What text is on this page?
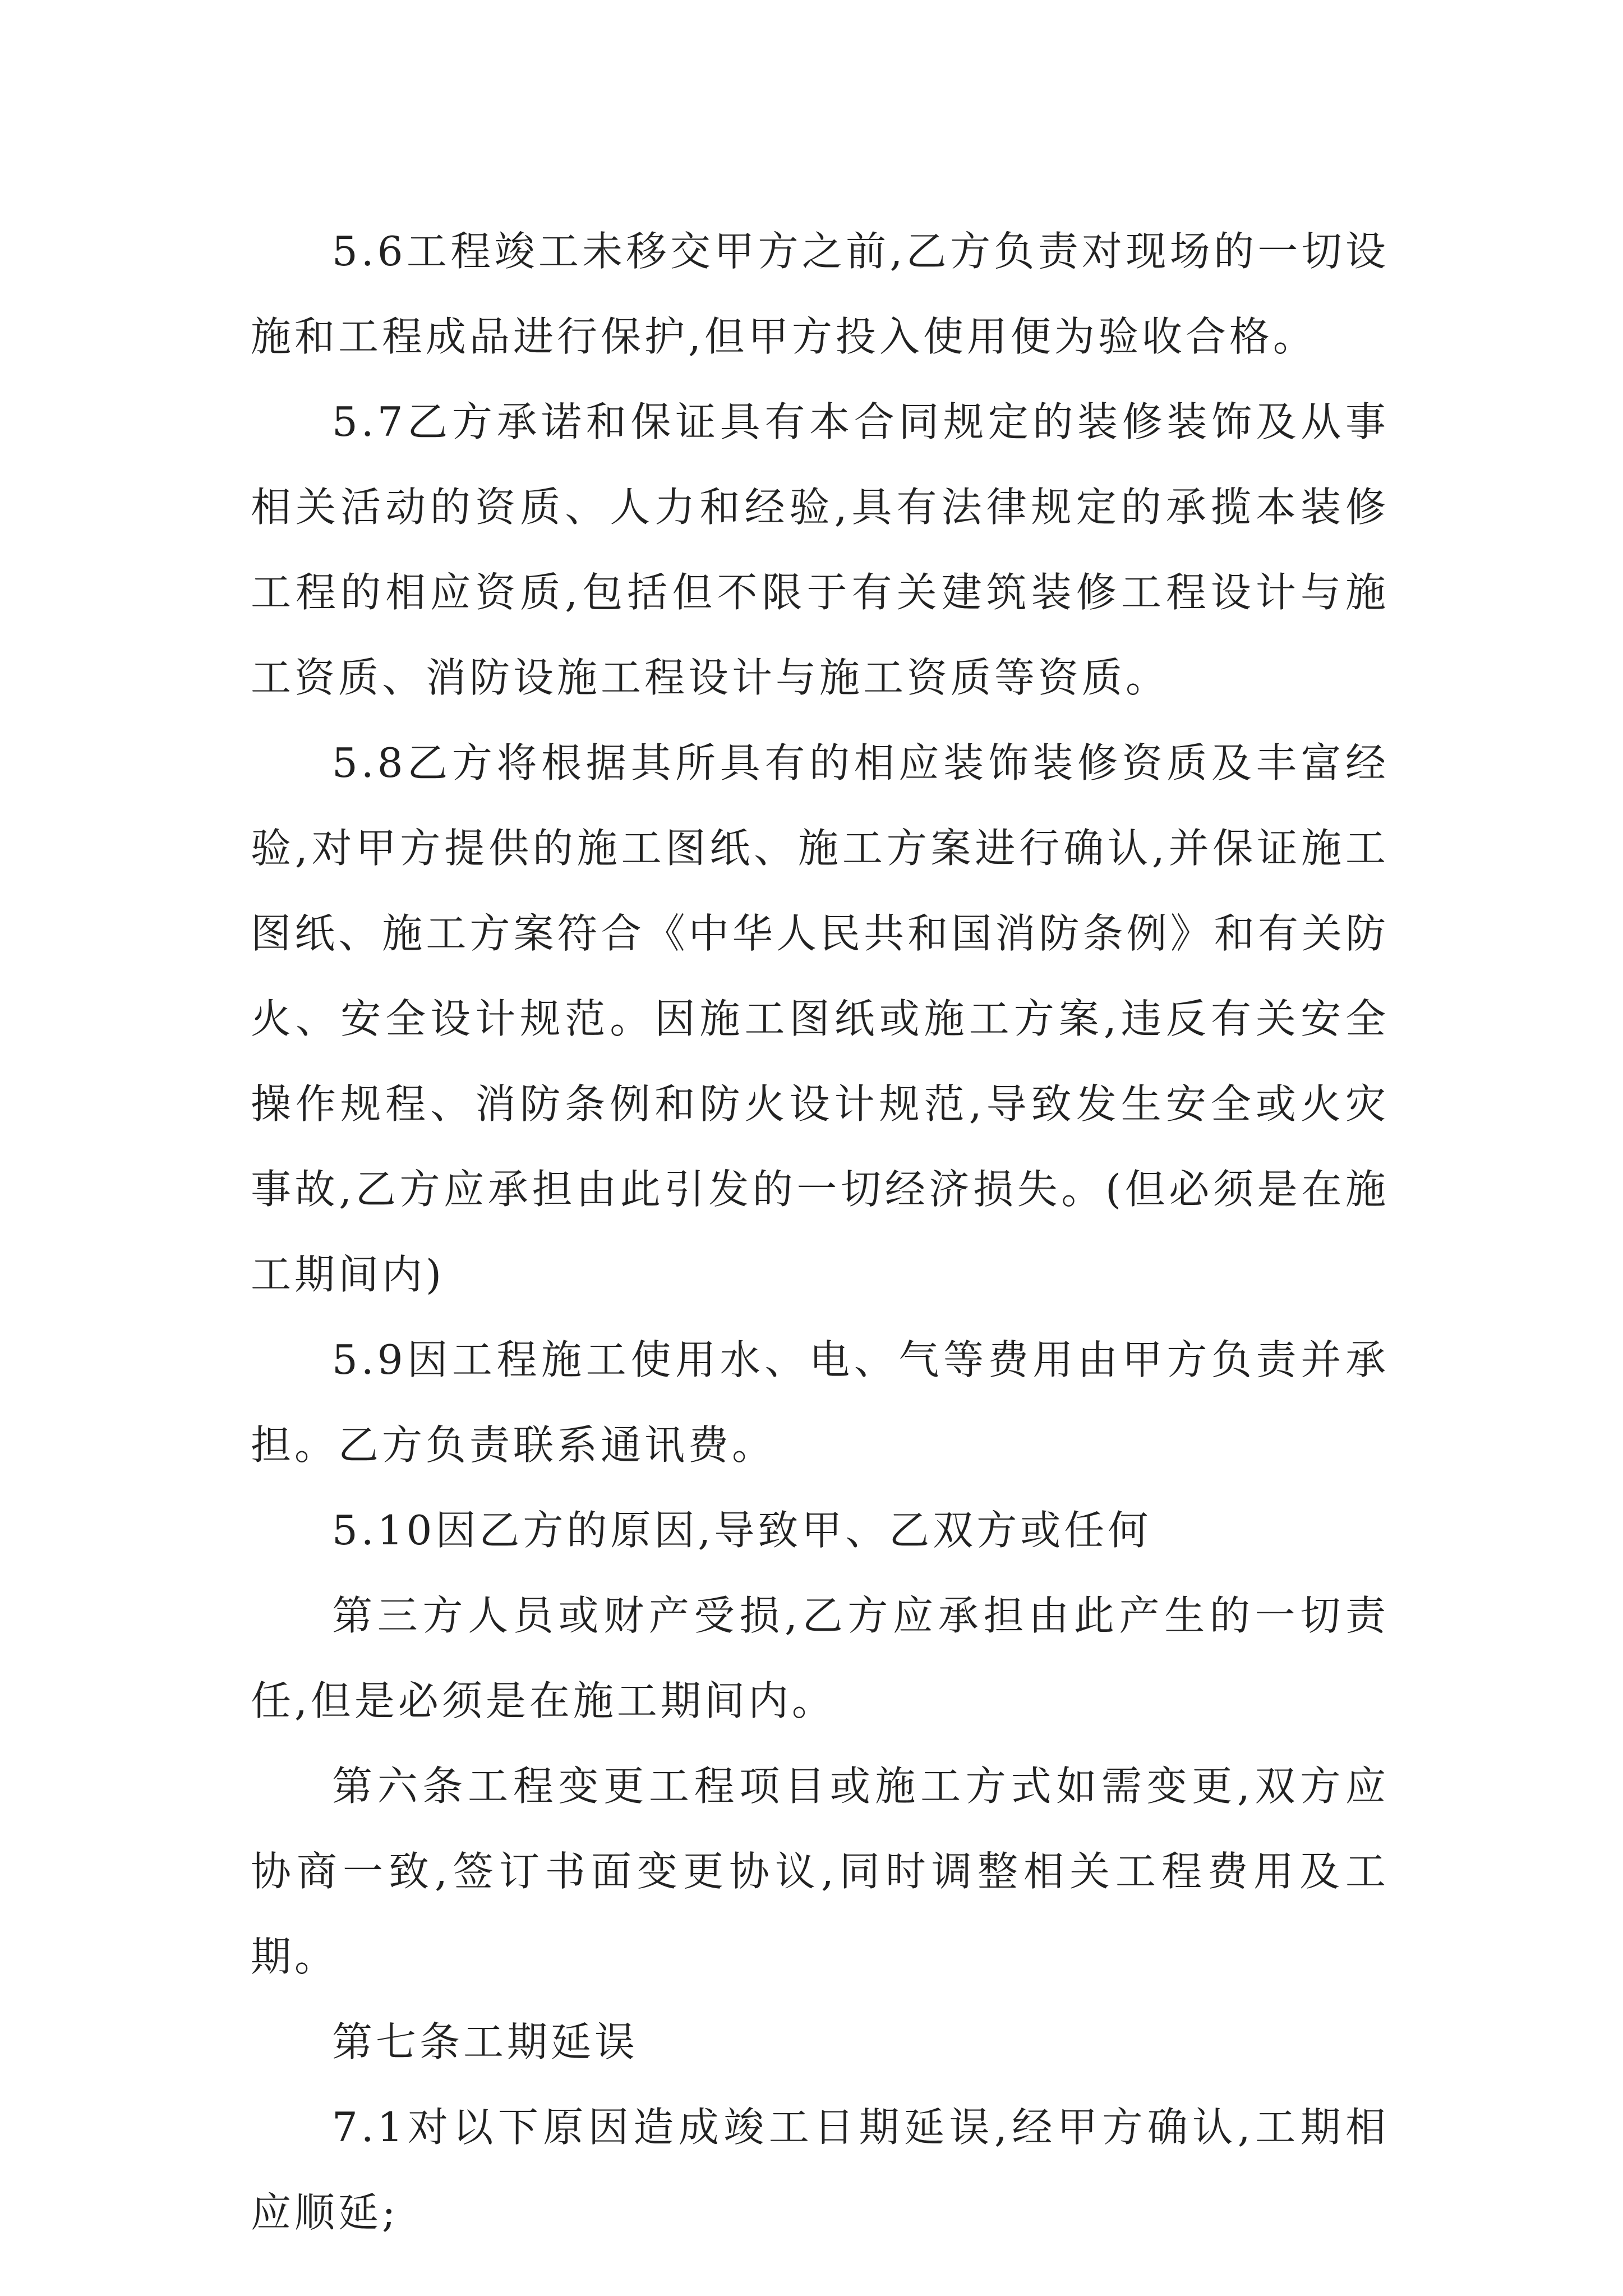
5.6工程竣工未移交甲方之前,乙方负责对现场的一切设施和工程成品进行保护,但甲方投入使用便为验收合格。

5.7乙方承诺和保证具有本合同规定的装修装饰及从事相关活动的资质、人力和经验,具有法律规定的承揽本装修工程的相应资质,包括但不限于有关建筑装修工程设计与施工资质、消防设施工程设计与施工资质等资质。

5.8乙方将根据其所具有的相应装饰装修资质及丰富经验,对甲方提供的施工图纸、施工方案进行确认,并保证施工图纸、施工方案符合《中华人民共和国消防条例》和有关防火、安全设计规范。因施工图纸或施工方案,违反有关安全操作规程、消防条例和防火设计规范,导致发生安全或火灾事故,乙方应承担由此引发的一切经济损失。(但必须是在施工期间内)

5.9因工程施工使用水、电、气等费用由甲方负责并承担。乙方负责联系通讯费。

5.10因乙方的原因,导致甲、乙双方或任何

第三方人员或财产受损,乙方应承担由此产生的一切责任,但是必须是在施工期间内。

第六条工程变更工程项目或施工方式如需变更,双方应协商一致,签订书面变更协议,同时调整相关工程费用及工期。

第七条工期延误

7.1对以下原因造成竣工日期延误,经甲方确认,工期相应顺延;
